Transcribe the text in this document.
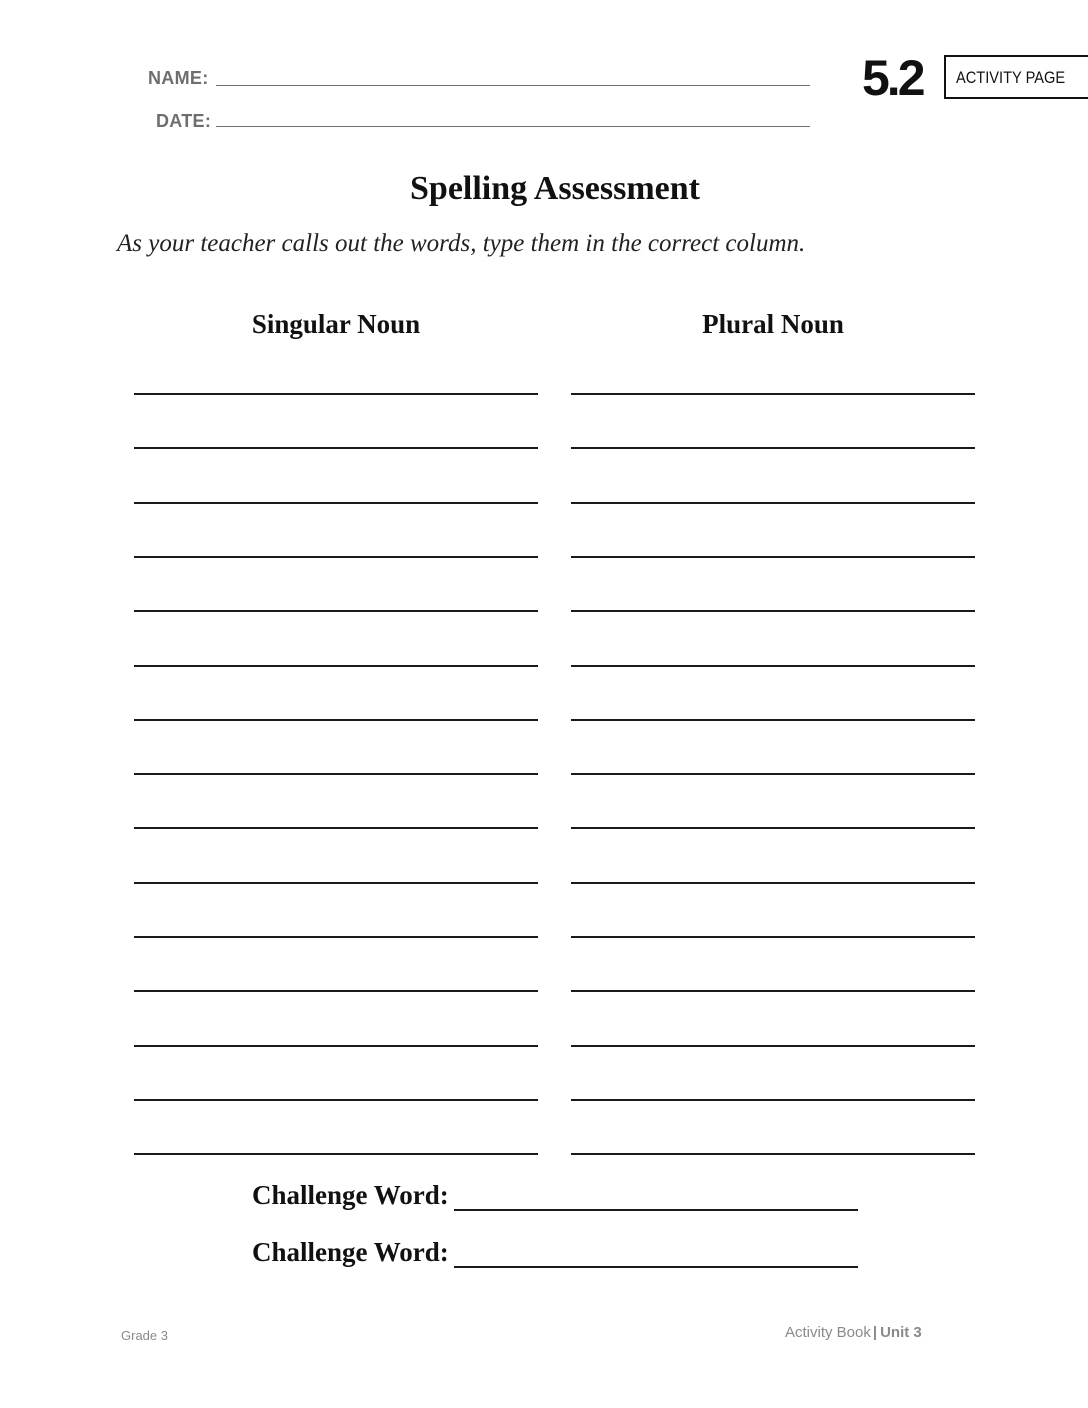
NAME:
DATE:
5.2 ACTIVITY PAGE
Spelling Assessment
As your teacher calls out the words, type them in the correct column.
Singular Noun	Plural Noun
Challenge Word:
Challenge Word:
Grade 3	Activity Book | Unit 3
